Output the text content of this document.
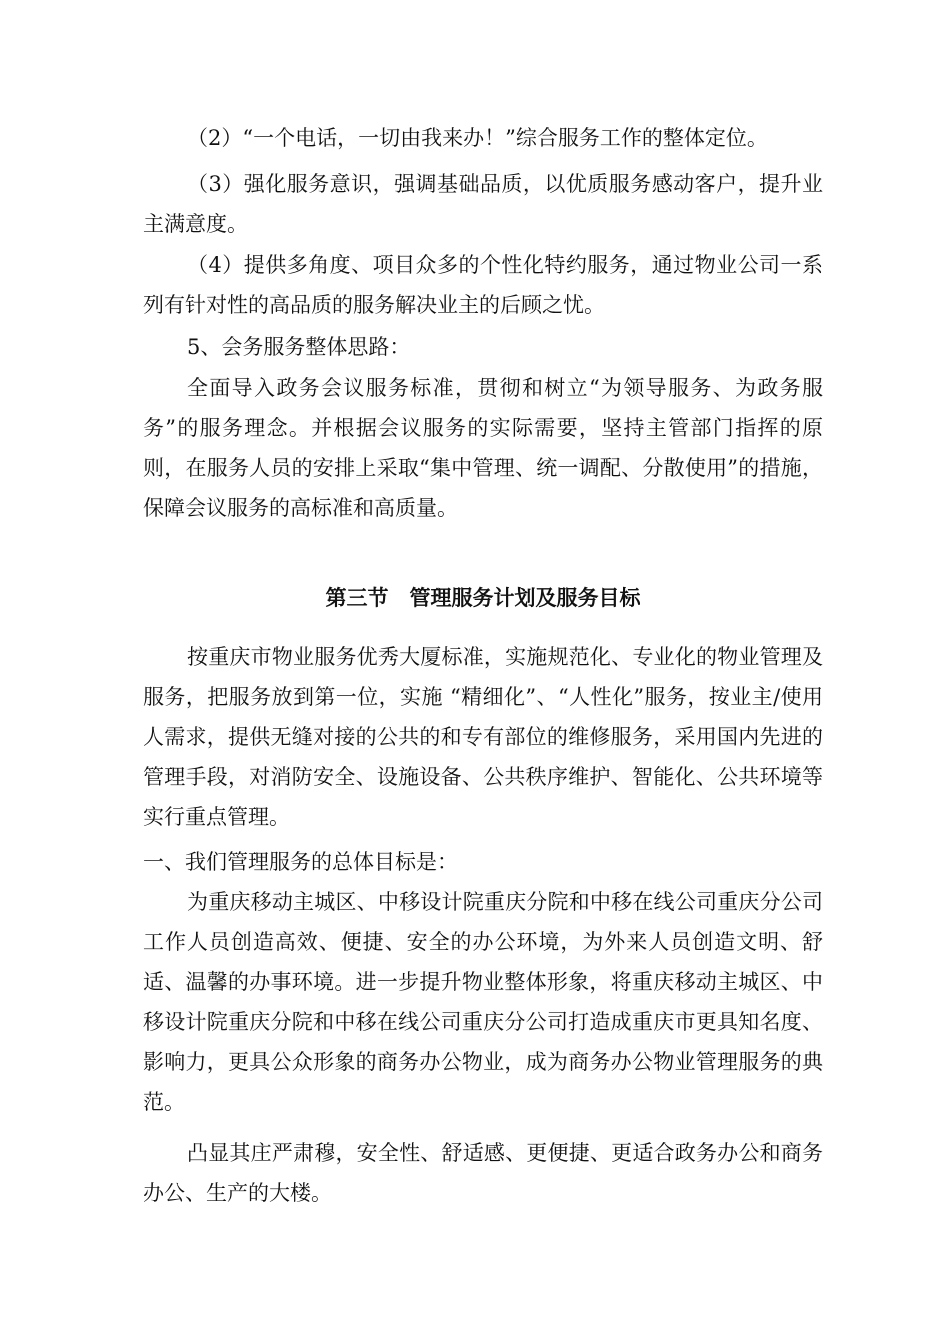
（2）“一个电话，一切由我来办！”综合服务工作的整体定位。

（3）强化服务意识，强调基础品质，以优质服务感动客户，提升业主满意度。

（4）提供多角度、项目众多的个性化特约服务，通过物业公司一系列有针对性的高品质的服务解决业主的后顾之忧。

5、会务服务整体思路：

全面导入政务会议服务标准，贯彻和树立“为领导服务、为政务服务”的服务理念。并根据会议服务的实际需要，坚持主管部门指挥的原则，在服务人员的安排上采取“集中管理、统一调配、分散使用”的措施，保障会议服务的高标准和高质量。

第三节　管理服务计划及服务目标

按重庆市物业服务优秀大厦标准，实施规范化、专业化的物业管理及服务，把服务放到第一位，实施 “精细化”、“人性化”服务，按业主/使用人需求，提供无缝对接的公共的和专有部位的维修服务，采用国内先进的管理手段，对消防安全、设施设备、公共秩序维护、智能化、公共环境等实行重点管理。

一、我们管理服务的总体目标是：

为重庆移动主城区、中移设计院重庆分院和中移在线公司重庆分公司工作人员创造高效、便捷、安全的办公环境，为外来人员创造文明、舒适、温馨的办事环境。进一步提升物业整体形象，将重庆移动主城区、中移设计院重庆分院和中移在线公司重庆分公司打造成重庆市更具知名度、影响力，更具公众形象的商务办公物业，成为商务办公物业管理服务的典范。

凸显其庄严肃穆，安全性、舒适感、更便捷、更适合政务办公和商务办公、生产的大楼。
